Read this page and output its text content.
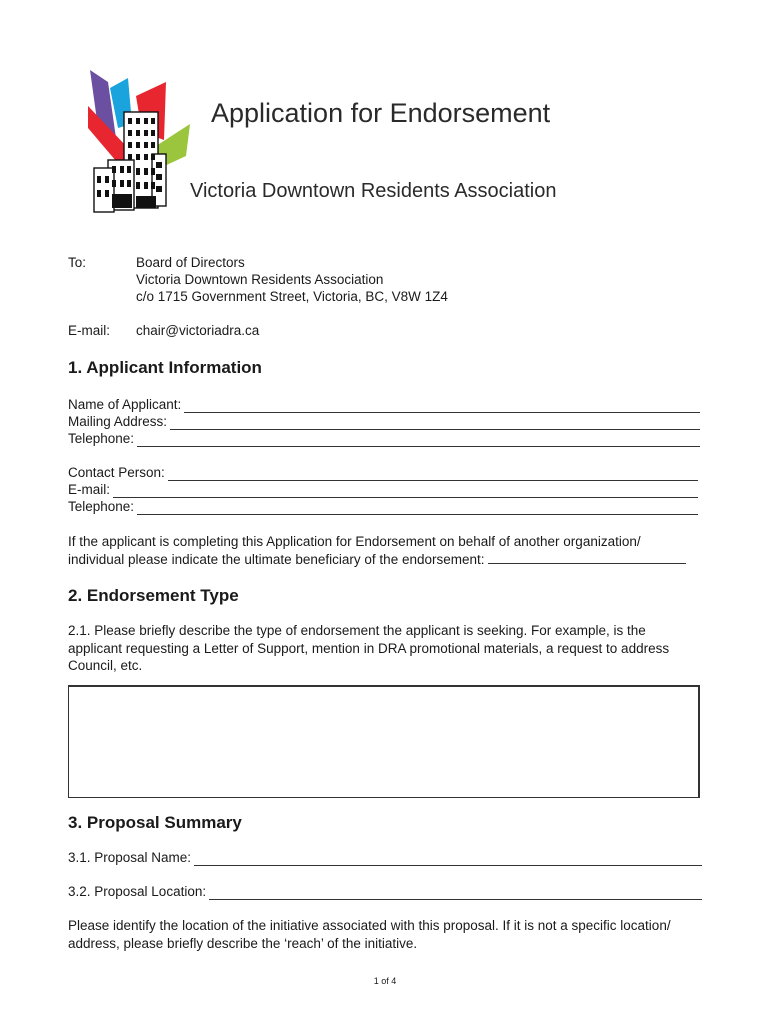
Application for Endorsement
Victoria Downtown Residents Association
To:	Board of Directors
Victoria Downtown Residents Association
c/o 1715 Government Street, Victoria, BC, V8W 1Z4
E-mail: chair@victoriadra.ca
1. Applicant Information
Name of Applicant:
Mailing Address:
Telephone:
Contact Person:
E-mail:
Telephone:
If the applicant is completing this Application for Endorsement on behalf of another organization/
individual please indicate the ultimate beneficiary of the endorsement:
2. Endorsement Type
2.1. Please briefly describe the type of endorsement the applicant is seeking. For example, is the
applicant requesting a Letter of Support, mention in DRA promotional materials, a request to address
Council, etc.
3. Proposal Summary
3.1. Proposal Name:
3.2. Proposal Location:
Please identify the location of the initiative associated with this proposal. If it is not a specific location/
address, please briefly describe the ‘reach’ of the initiative.
1 of 4
